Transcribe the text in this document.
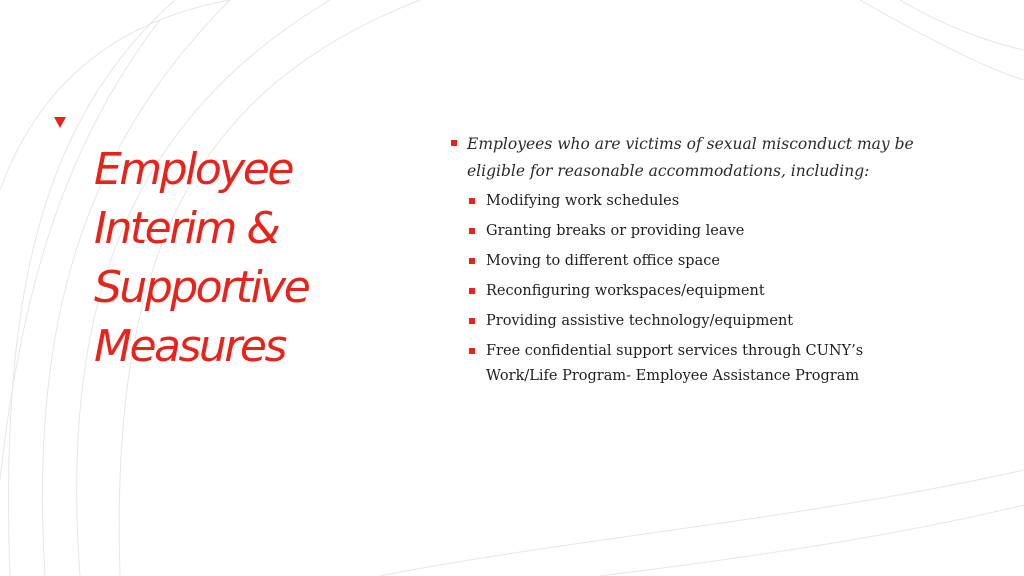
Employee
Interim &
Supportive
Measures
Employees who are victims of sexual misconduct may be
eligible for reasonable accommodations, including:
Modifying work schedules
Granting breaks or providing leave
Moving to different office space
Reconfiguring workspaces/equipment
Providing assistive technology/equipment
Free confidential support services through CUNY’s
Work/Life Program- Employee Assistance Program
